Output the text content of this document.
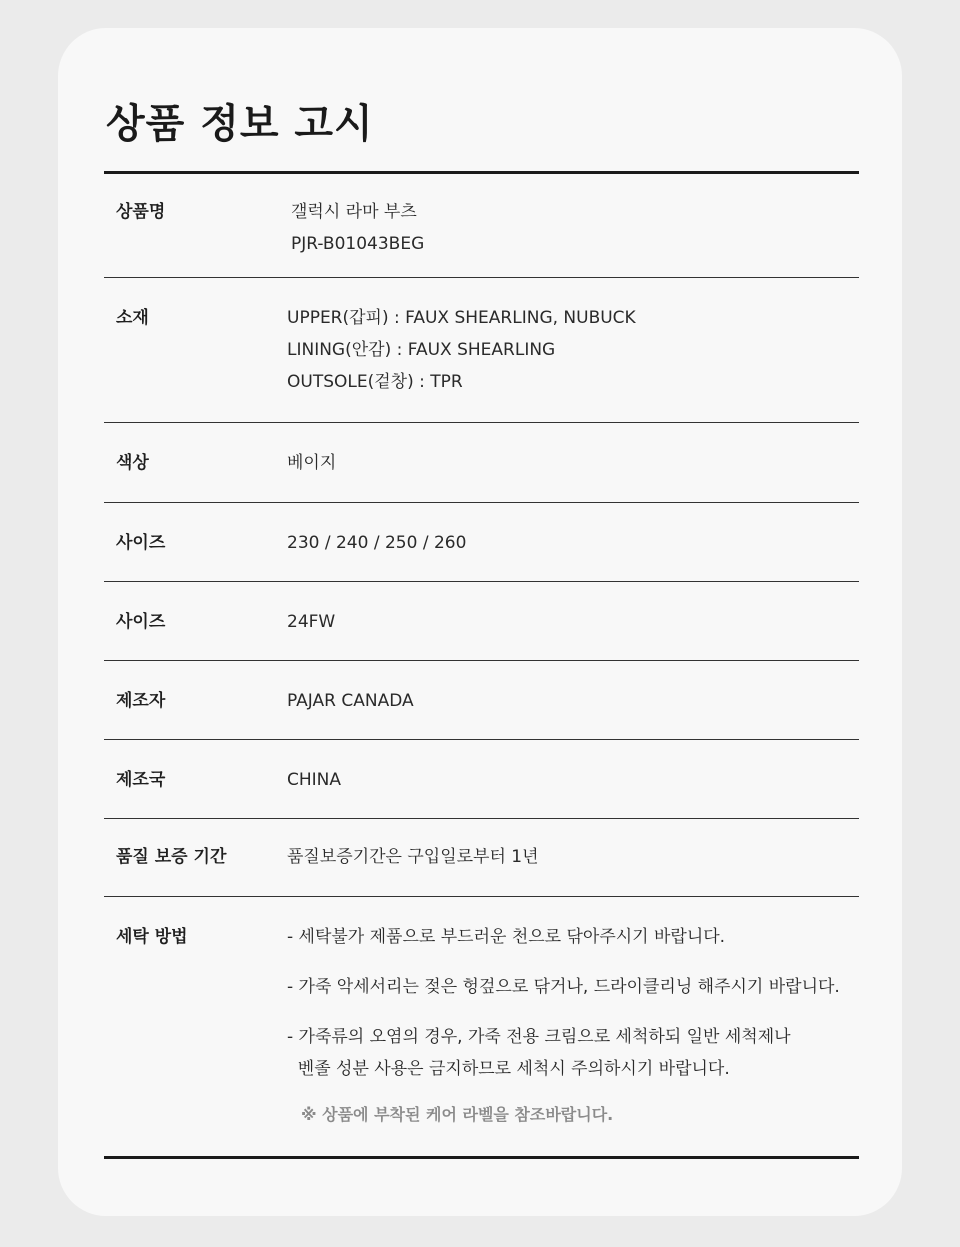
상품 정보 고시
상품명	갤럭시 라마 부츠
PJR-B01043BEG
소재	UPPER(갑피) : FAUX SHEARLING, NUBUCK
LINING(안감) : FAUX SHEARLING
OUTSOLE(겉창) : TPR
색상	베이지
사이즈	230 / 240 / 250 / 260
사이즈	24FW
제조자	PAJAR CANADA
제조국	CHINA
품질 보증 기간	품질보증기간은 구입일로부터 1년
세탁 방법	- 세탁불가 제품으로 부드러운 천으로 닦아주시기 바랍니다.
- 가죽 악세서리는 젖은 헝겊으로 닦거나, 드라이클리닝 해주시기 바랍니다.
- 가죽류의 오염의 경우, 가죽 전용 크림으로 세척하되 일반 세척제나
벤졸 성분 사용은 금지하므로 세척시 주의하시기 바랍니다.
※ 상품에 부착된 케어 라벨을 참조바랍니다.
